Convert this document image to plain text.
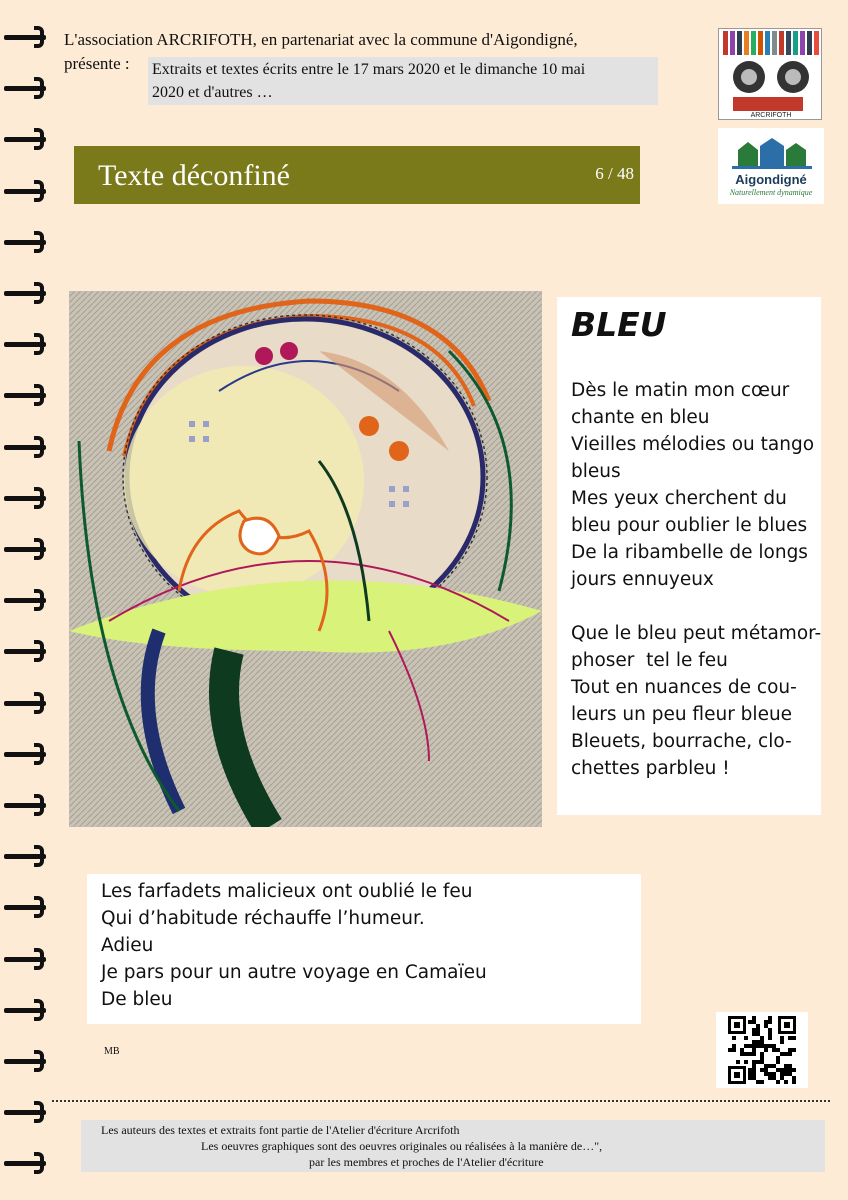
L'association ARCRIFOTH, en partenariat avec la commune d'Aigondigné,
présente : Extraits et textes écrits entre le 17 mars 2020 et le dimanche 10 mai
2020 et d'autres …
Texte déconfiné	6 / 48
ARCRIFOTH
Aigondigné
Naturellement dynamique
BLEU
Dès le matin mon cœur
chante en bleu
Vieilles mélodies ou tango
bleus
Mes yeux cherchent du
bleu pour oublier le blues
De la ribambelle de longs
jours ennuyeux

Que le bleu peut métamor-
phoser  tel le feu
Tout en nuances de cou-
leurs un peu fleur bleue
Bleuets, bourrache, clo-
chettes parbleu !
Les farfadets malicieux ont oublié le feu
Qui d’habitude réchauffe l’humeur.
Adieu
Je pars pour un autre voyage en Camaïeu
De bleu
MB
Les auteurs des textes et extraits font partie de l'Atelier d'écriture Arcrifoth
Les oeuvres graphiques sont des oeuvres originales ou réalisées à la manière de…",
par les membres et proches de l'Atelier d'écriture
